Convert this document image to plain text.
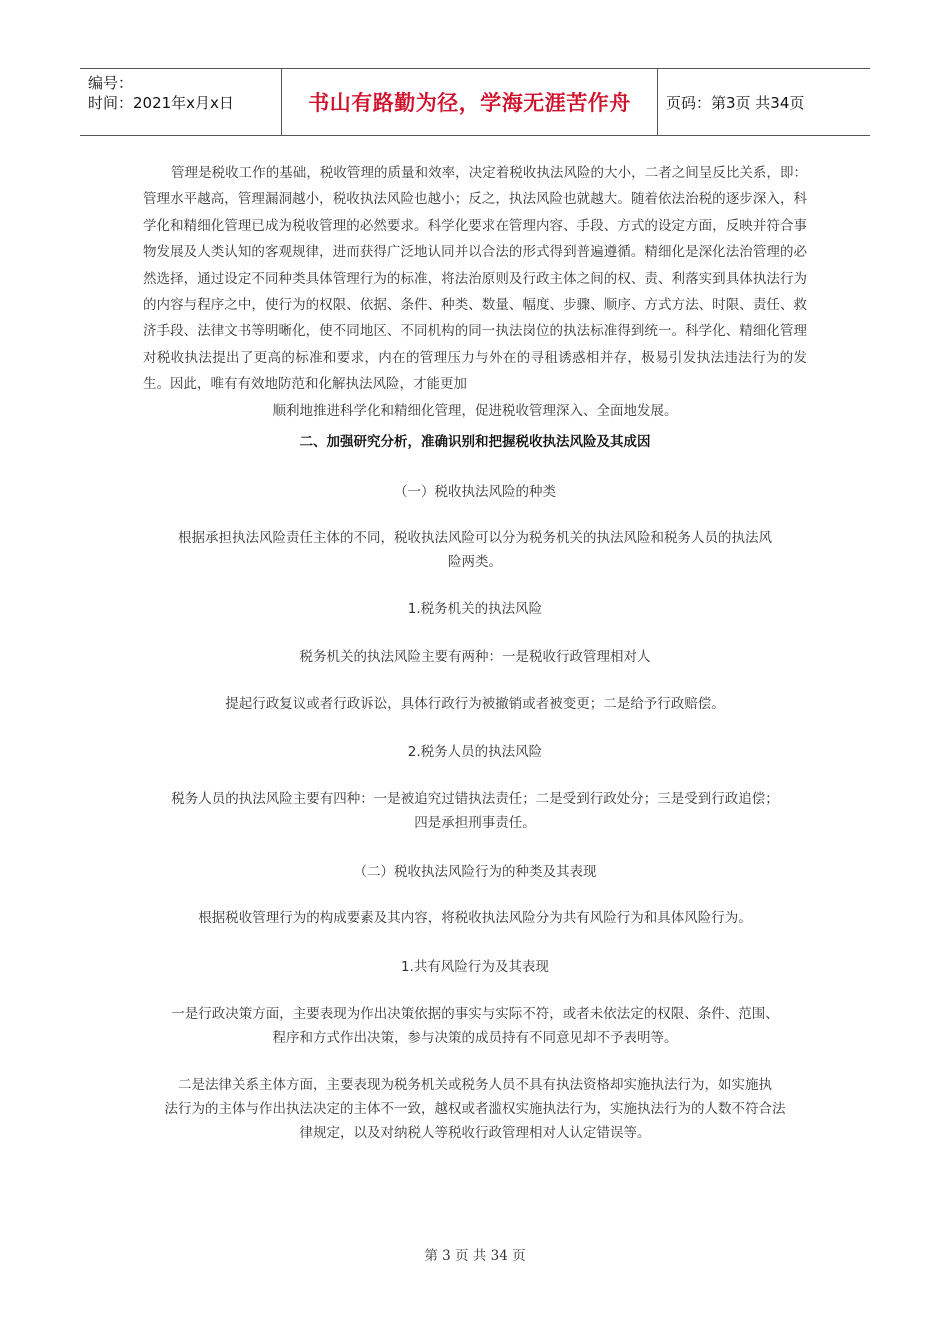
编号：
时间：2021年x月x日	书山有路勤为径，学海无涯苦作舟 页码：第3页 共34页
管理是税收工作的基础，税收管理的质量和效率，决定着税收执法风险的大小，二者之间呈反比关系，即：管理水平越高，管理漏洞越小，税收执法风险也越小；反之，执法风险也就越大。随着依法治税的逐步深入，科学化和精细化管理已成为税收管理的必然要求。科学化要求在管理内容、手段、方式的设定方面，反映并符合事物发展及人类认知的客观规律，进而获得广泛地认同并以合法的形式得到普遍遵循。精细化是深化法治管理的必然选择，通过设定不同种类具体管理行为的标准，将法治原则及行政主体之间的权、责、利落实到具体执法行为的内容与程序之中，使行为的权限、依据、条件、种类、数量、幅度、步骤、顺序、方式方法、时限、责任、救济手段、法律文书等明晰化，使不同地区、不同机构的同一执法岗位的执法标准得到统一。科学化、精细化管理对税收执法提出了更高的标准和要求，内在的管理压力与外在的寻租诱惑相并存，极易引发执法违法行为的发生。因此，唯有有效地防范和化解执法风险，才能更加
顺利地推进科学化和精细化管理，促进税收管理深入、全面地发展。
二、加强研究分析，准确识别和把握税收执法风险及其成因
（一）税收执法风险的种类
根据承担执法风险责任主体的不同，税收执法风险可以分为税务机关的执法风险和税务人员的执法风
险两类。
1.税务机关的执法风险
税务机关的执法风险主要有两种：一是税收行政管理相对人
提起行政复议或者行政诉讼，具体行政行为被撤销或者被变更；二是给予行政赔偿。
2.税务人员的执法风险
税务人员的执法风险主要有四种：一是被追究过错执法责任；二是受到行政处分；三是受到行政追偿；
四是承担刑事责任。
（二）税收执法风险行为的种类及其表现
根据税收管理行为的构成要素及其内容，将税收执法风险分为共有风险行为和具体风险行为。
1.共有风险行为及其表现
一是行政决策方面，主要表现为作出决策依据的事实与实际不符，或者未依法定的权限、条件、范围、
程序和方式作出决策，参与决策的成员持有不同意见却不予表明等。
二是法律关系主体方面，主要表现为税务机关或税务人员不具有执法资格却实施执法行为，如实施执
法行为的主体与作出执法决定的主体不一致，越权或者滥权实施执法行为，实施执法行为的人数不符合法
律规定，以及对纳税人等税收行政管理相对人认定错误等。
第 3 页 共 34 页
